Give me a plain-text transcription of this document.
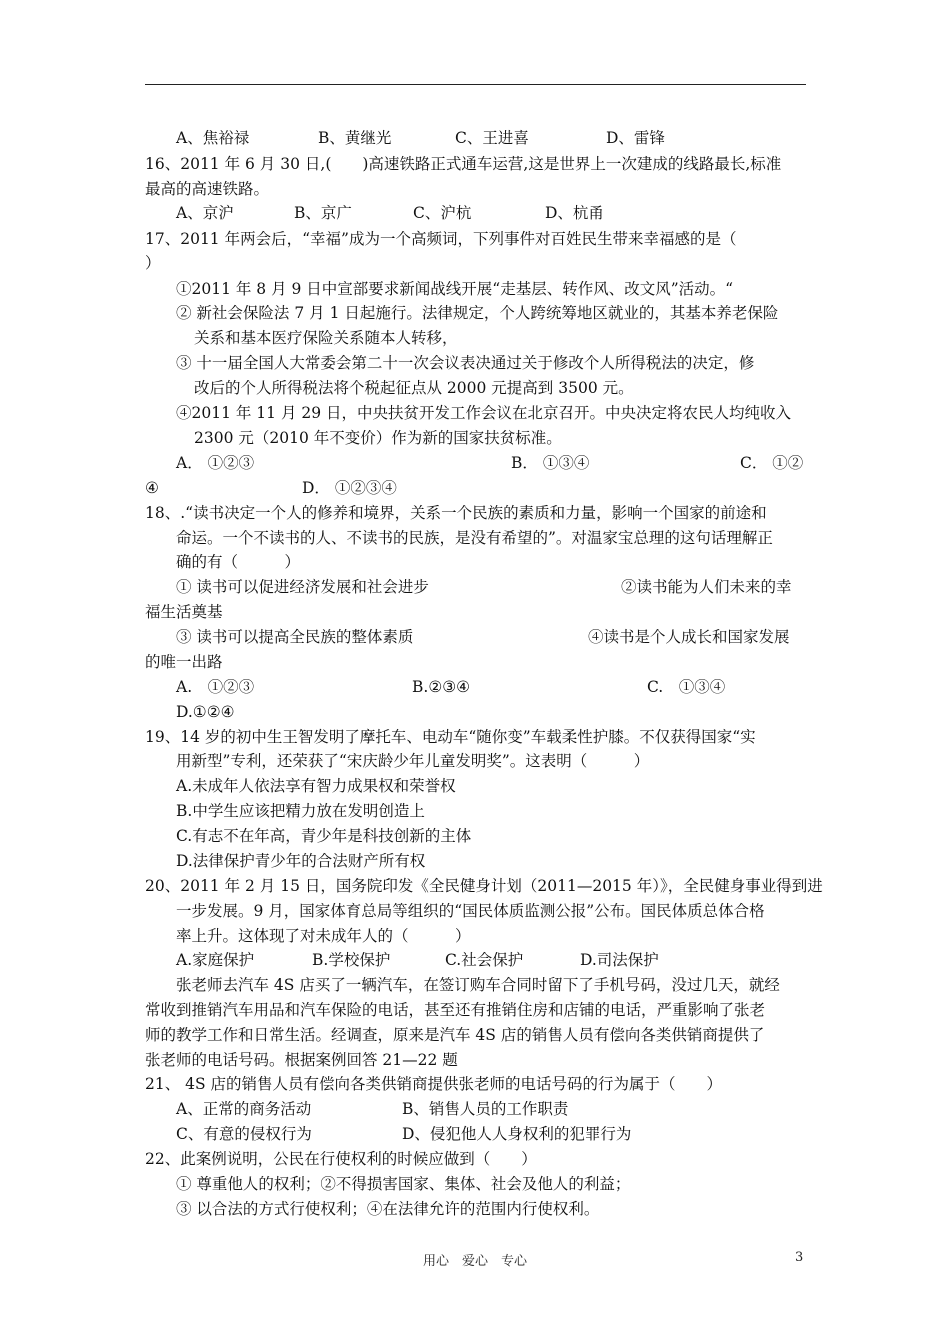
A、焦裕禄	B、黄继光	C、王进喜	D、雷锋
16、2011 年 6 月 30 日,(　　)高速铁路正式通车运营,这是世界上一次建成的线路最长,标准
最高的高速铁路。
A、京沪	B、京广	C、沪杭	D、杭甬
17、2011 年两会后，“幸福”成为一个高频词，下列事件对百姓民生带来幸福感的是（
）
①2011 年 8 月 9 日中宣部要求新闻战线开展“走基层、转作风、改文风”活动。“
② 新社会保险法 7 月 1 日起施行。法律规定，个人跨统筹地区就业的，其基本养老保险
关系和基本医疗保险关系随本人转移，
③ 十一届全国人大常委会第二十一次会议表决通过关于修改个人所得税法的决定，修
改后的个人所得税法将个税起征点从 2000 元提高到 3500 元。
④2011 年 11 月 29 日，中央扶贫开发工作会议在北京召开。中央决定将农民人均纯收入
2300 元（2010 年不变价）作为新的国家扶贫标准。
A． ①②③	B． ①③④	C． ①②
④	D． ①②③④
18、.“读书决定一个人的修养和境界，关系一个民族的素质和力量，影响一个国家的前途和
命运。一个不读书的人、不读书的民族，是没有希望的”。对温家宝总理的这句话理解正
确的有（　　　）
① 读书可以促进经济发展和社会进步	②读书能为人们未来的幸
福生活奠基
③ 读书可以提高全民族的整体素质	④读书是个人成长和国家发展
的唯一出路
A.　①②③	B.②③④	C.　①③④
D.①②④
19、14 岁的初中生王智发明了摩托车、电动车“随你变”车载柔性护膝。不仅获得国家“实
用新型”专利，还荣获了“宋庆龄少年儿童发明奖”。这表明（　　　）
A.未成年人依法享有智力成果权和荣誉权
B.中学生应该把精力放在发明创造上
C.有志不在年高，青少年是科技创新的主体
D.法律保护青少年的合法财产所有权
20、2011 年 2 月 15 日，国务院印发《全民健身计划（2011—2015 年）》，全民健身事业得到进
一步发展。9 月，国家体育总局等组织的“国民体质监测公报”公布。国民体质总体合格
率上升。这体现了对未成年人的（　　　）
A.家庭保护	B.学校保护	C.社会保护	D.司法保护
张老师去汽车 4S 店买了一辆汽车，在签订购车合同时留下了手机号码，没过几天，就经
常收到推销汽车用品和汽车保险的电话，甚至还有推销住房和店铺的电话，严重影响了张老
师的教学工作和日常生活。经调查，原来是汽车 4S 店的销售人员有偿向各类供销商提供了
张老师的电话号码。根据案例回答 21—22 题
21、 4S 店的销售人员有偿向各类供销商提供张老师的电话号码的行为属于（　　）
A、正常的商务活动	B、销售人员的工作职责
C、有意的侵权行为	D、侵犯他人人身权利的犯罪行为
22、此案例说明，公民在行使权利的时候应做到（　　）
① 尊重他人的权利；②不得损害国家、集体、社会及他人的利益；
③ 以合法的方式行使权利；④在法律允许的范围内行使权利。
用心　爱心　专心	3
